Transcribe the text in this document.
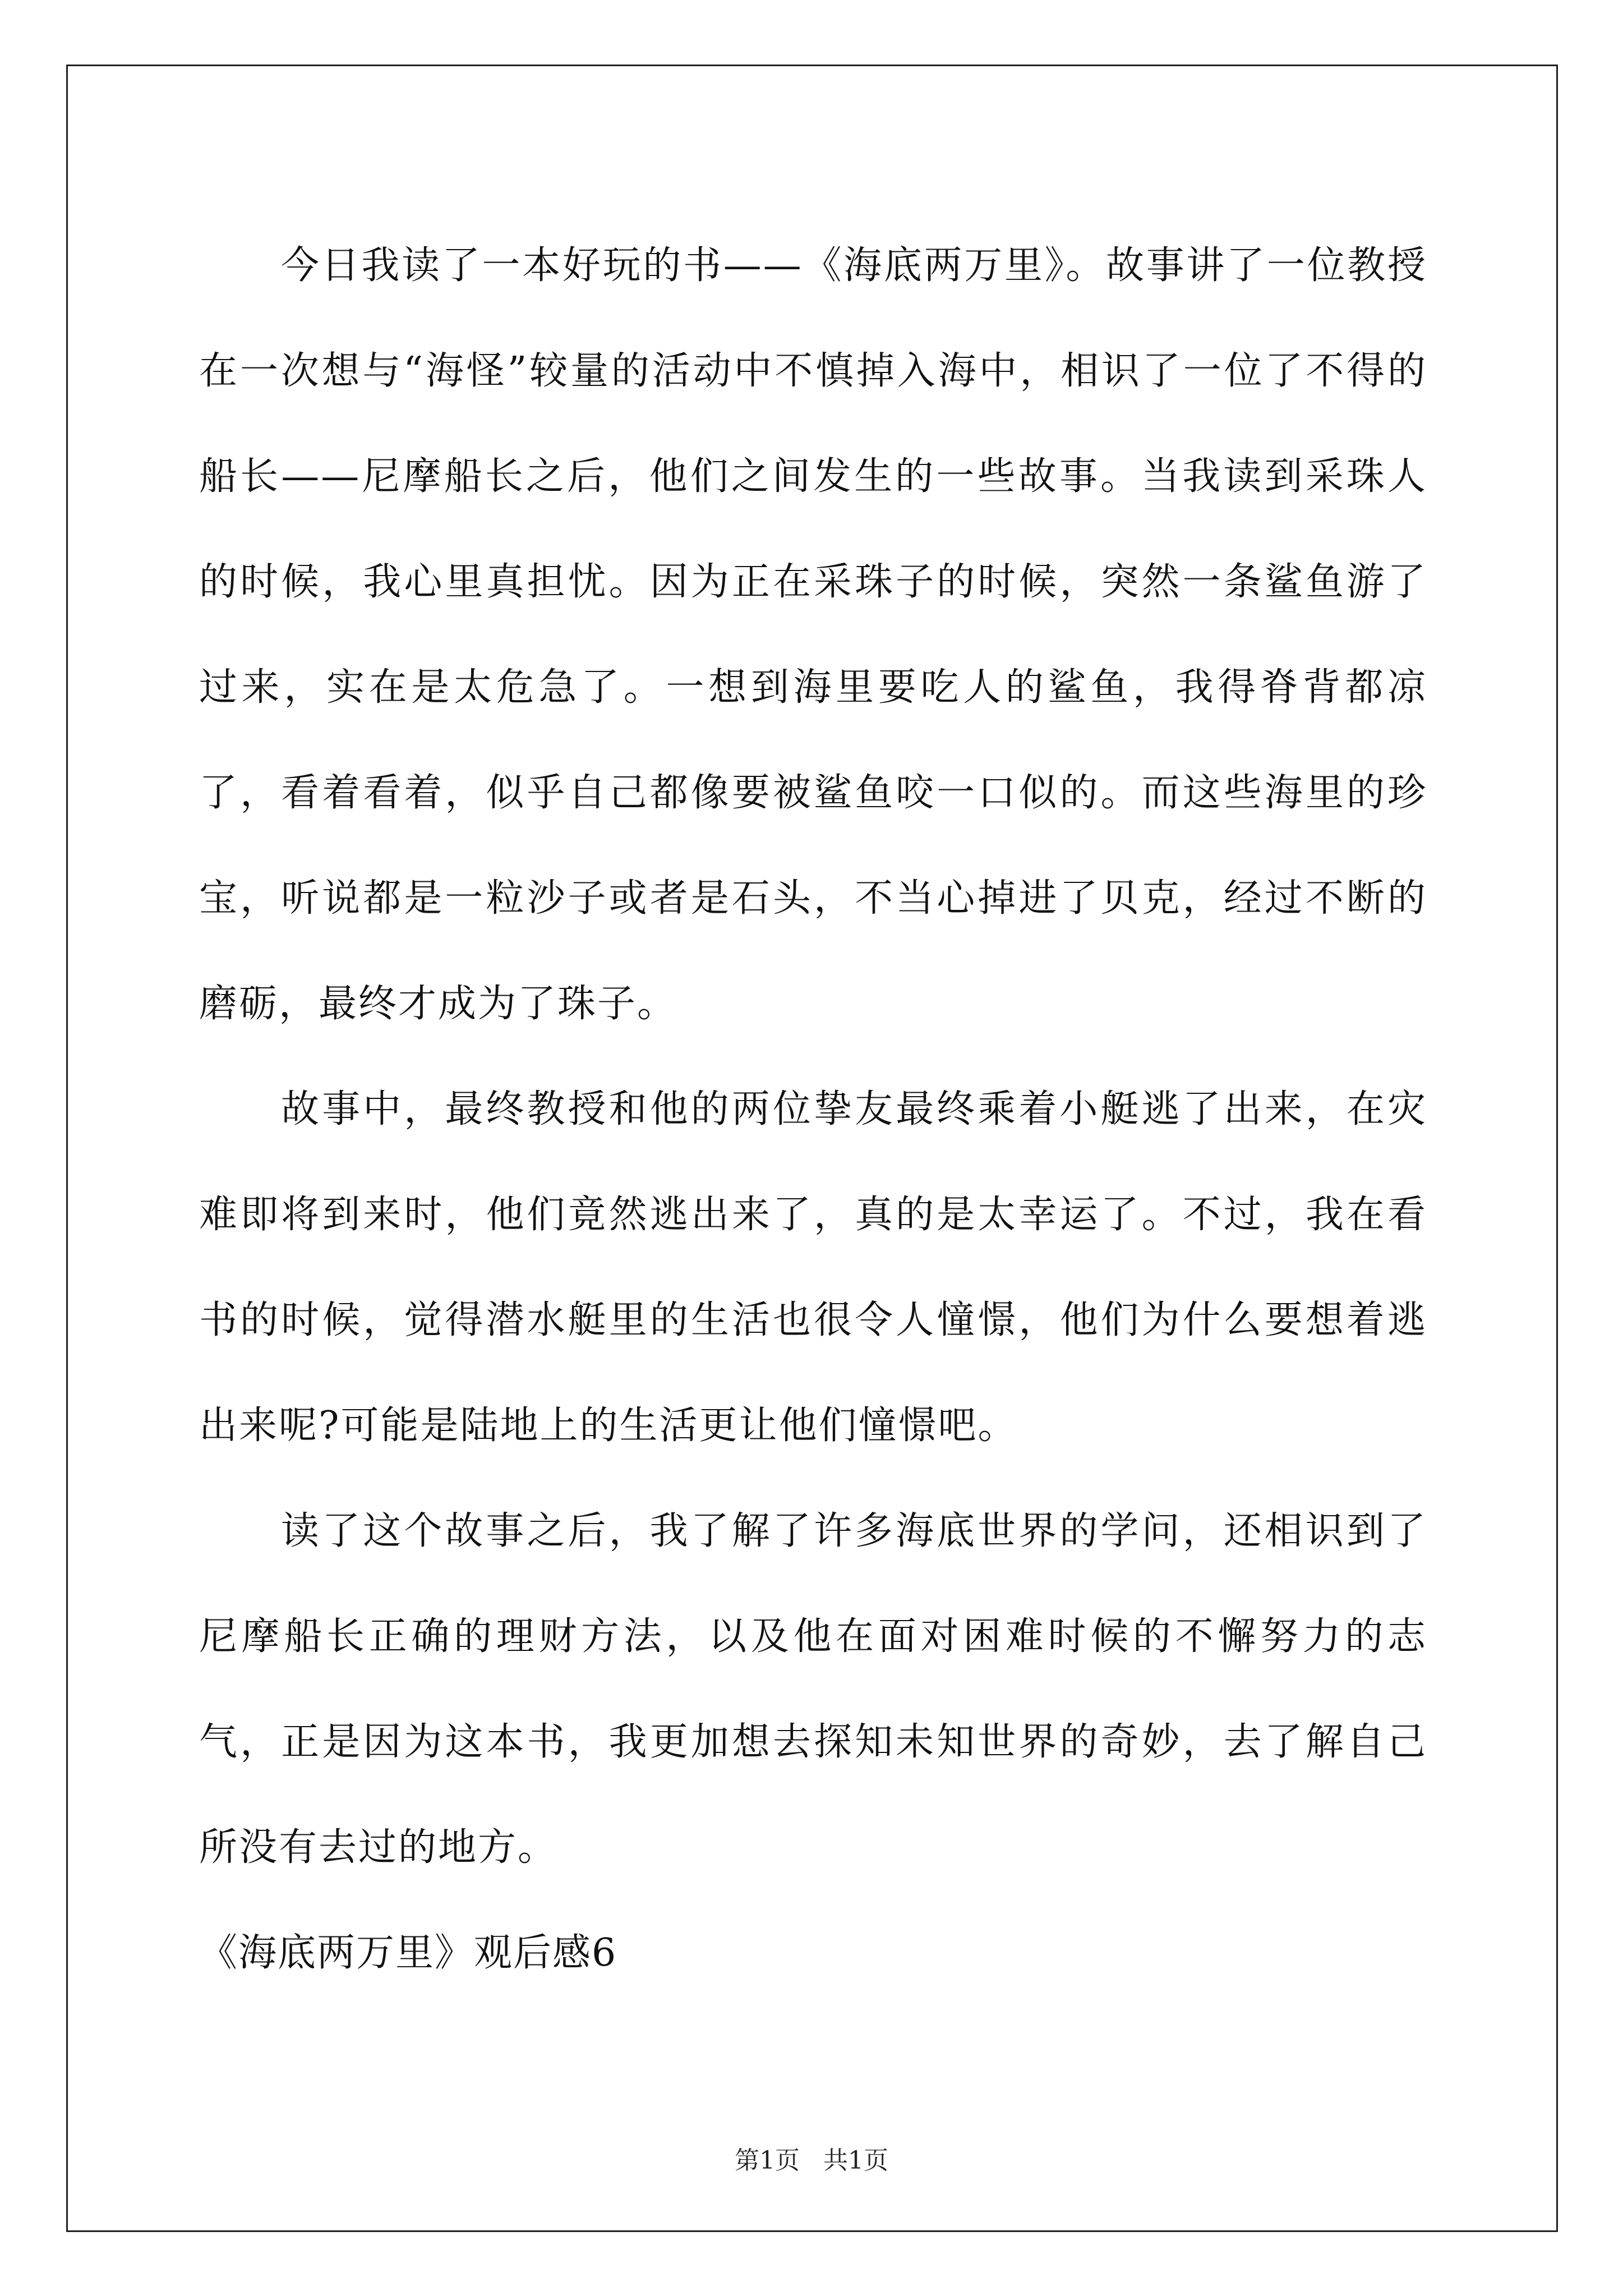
今日我读了一本好玩的书——《海底两万里》。故事讲了一位教授在一次想与“海怪”较量的活动中不慎掉入海中，相识了一位了不得的船长——尼摩船长之后，他们之间发生的一些故事。当我读到采珠人的时候，我心里真担忧。因为正在采珠子的时候，突然一条鲨鱼游了过来，实在是太危急了。一想到海里要吃人的鲨鱼，我得脊背都凉了，看着看着，似乎自己都像要被鲨鱼咬一口似的。而这些海里的珍宝，听说都是一粒沙子或者是石头，不当心掉进了贝克，经过不断的磨砺，最终才成为了珠子。

故事中，最终教授和他的两位挚友最终乘着小艇逃了出来，在灾难即将到来时，他们竟然逃出来了，真的是太幸运了。不过，我在看书的时候，觉得潜水艇里的生活也很令人憧憬，他们为什么要想着逃出来呢?可能是陆地上的生活更让他们憧憬吧。

读了这个故事之后，我了解了许多海底世界的学问，还相识到了尼摩船长正确的理财方法，以及他在面对困难时候的不懈努力的志气，正是因为这本书，我更加想去探知未知世界的奇妙，去了解自己所没有去过的地方。

《海底两万里》观后感6

第1页 共1页
